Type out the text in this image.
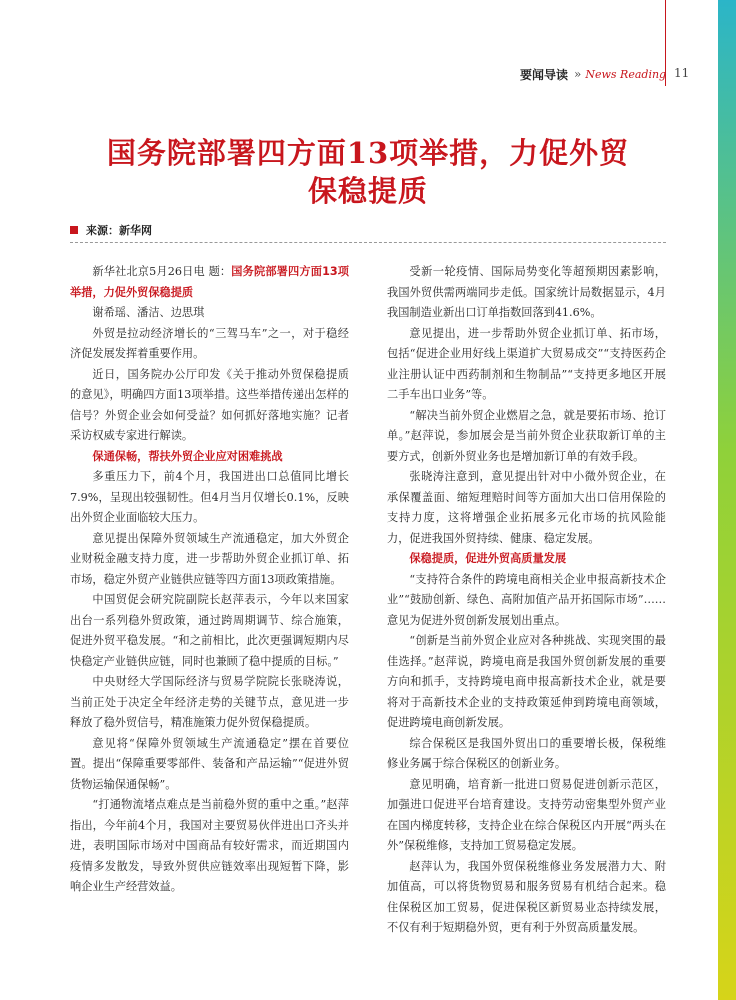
要闻导读 » News Reading 11
国务院部署四方面13项举措，力促外贸
保稳提质
来源：新华网

新华社北京5月26日电 题：国务院部署四方面13项举措，力促外贸保稳提质

谢希瑶、潘洁、边思琪

外贸是拉动经济增长的“三驾马车”之一，对于稳经济促发展发挥着重要作用。

近日，国务院办公厅印发《关于推动外贸保稳提质的意见》，明确四方面13项举措。这些举措传递出怎样的信号？外贸企业会如何受益？如何抓好落地实施？记者采访权威专家进行解读。

保通保畅，帮扶外贸企业应对困难挑战

多重压力下，前4个月，我国进出口总值同比增长7.9%，呈现出较强韧性。但4月当月仅增长0.1%，反映出外贸企业面临较大压力。

意见提出保障外贸领域生产流通稳定，加大外贸企业财税金融支持力度，进一步帮助外贸企业抓订单、拓市场，稳定外贸产业链供应链等四方面13项政策措施。

中国贸促会研究院副院长赵萍表示，今年以来国家出台一系列稳外贸政策，通过跨周期调节、综合施策，促进外贸平稳发展。“和之前相比，此次更强调短期内尽快稳定产业链供应链，同时也兼顾了稳中提质的目标。”

中央财经大学国际经济与贸易学院院长张晓涛说，当前正处于决定全年经济走势的关键节点，意见进一步释放了稳外贸信号，精准施策力促外贸保稳提质。

意见将“保障外贸领域生产流通稳定”摆在首要位置。提出“保障重要零部件、装备和产品运输”“促进外贸货物运输保通保畅”。

“打通物流堵点难点是当前稳外贸的重中之重。”赵萍指出，今年前4个月，我国对主要贸易伙伴进出口齐头并进，表明国际市场对中国商品有较好需求，而近期国内疫情多发散发，导致外贸供应链效率出现短暂下降，影响企业生产经营效益。

受新一轮疫情、国际局势变化等超预期因素影响，我国外贸供需两端同步走低。国家统计局数据显示，4月我国制造业新出口订单指数回落到41.6%。

意见提出，进一步帮助外贸企业抓订单、拓市场，包括“促进企业用好线上渠道扩大贸易成交”“支持医药企业注册认证中西药制剂和生物制品”“支持更多地区开展二手车出口业务”等。

“解决当前外贸企业燃眉之急，就是要拓市场、抢订单。”赵萍说，参加展会是当前外贸企业获取新订单的主要方式，创新外贸业务也是增加新订单的有效手段。

张晓涛注意到，意见提出针对中小微外贸企业，在承保覆盖面、缩短理赔时间等方面加大出口信用保险的支持力度，这将增强企业拓展多元化市场的抗风险能力，促进我国外贸持续、健康、稳定发展。

保稳提质，促进外贸高质量发展

“支持符合条件的跨境电商相关企业申报高新技术企业”“鼓励创新、绿色、高附加值产品开拓国际市场”……意见为促进外贸创新发展划出重点。

“创新是当前外贸企业应对各种挑战、实现突围的最佳选择。”赵萍说，跨境电商是我国外贸创新发展的重要方向和抓手，支持跨境电商申报高新技术企业，就是要将对于高新技术企业的支持政策延伸到跨境电商领域，促进跨境电商创新发展。

综合保税区是我国外贸出口的重要增长极，保税维修业务属于综合保税区的创新业务。

意见明确，培育新一批进口贸易促进创新示范区，加强进口促进平台培育建设。支持劳动密集型外贸产业在国内梯度转移，支持企业在综合保税区内开展“两头在外”保税维修，支持加工贸易稳定发展。

赵萍认为，我国外贸保税维修业务发展潜力大、附加值高，可以将货物贸易和服务贸易有机结合起来。稳住保税区加工贸易，促进保税区新贸易业态持续发展，不仅有利于短期稳外贸，更有利于外贸高质量发展。
